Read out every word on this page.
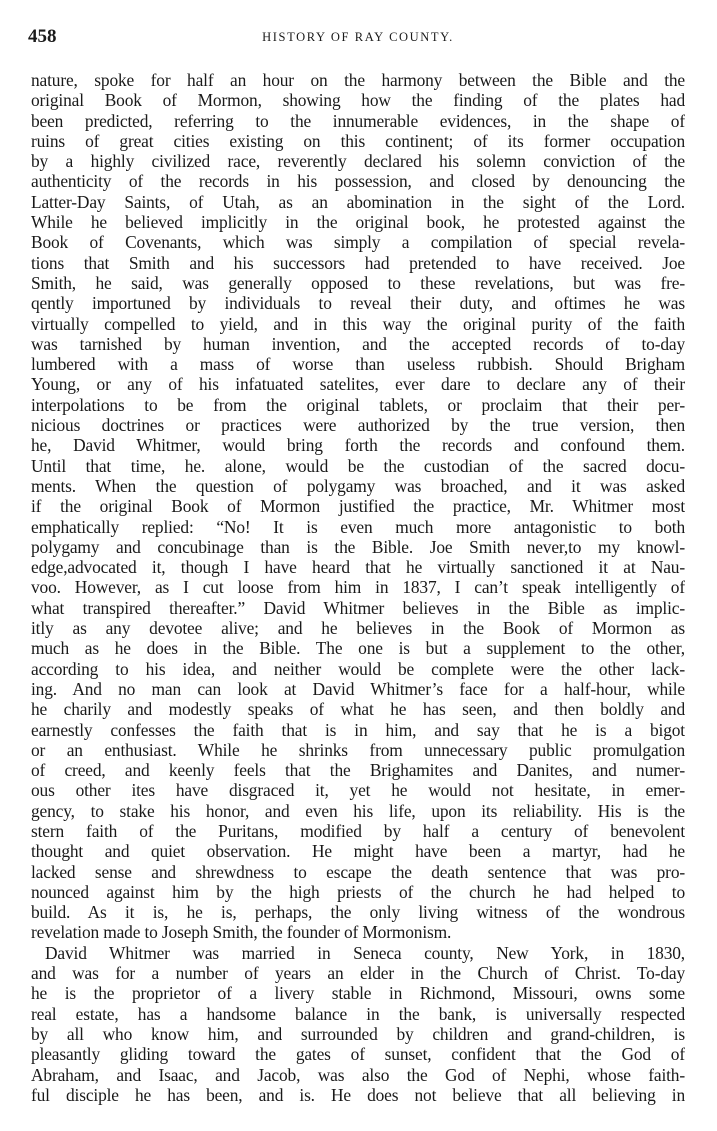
458	HISTORY OF RAY COUNTY.
nature, spoke for half an hour on the harmony between the Bible and the
original Book of Mormon, showing how the finding of the plates had
been predicted, referring to the innumerable evidences, in the shape of
ruins of great cities existing on this continent; of its former occupation
by a highly civilized race, reverently declared his solemn conviction of the
authenticity of the records in his possession, and closed by denouncing the
Latter-Day Saints, of Utah, as an abomination in the sight of the Lord.
While he believed implicitly in the original book, he protested against the
Book of Covenants, which was simply a compilation of special revela-
tions that Smith and his successors had pretended to have received. Joe
Smith, he said, was generally opposed to these revelations, but was fre-
qently importuned by individuals to reveal their duty, and oftimes he was
virtually compelled to yield, and in this way the original purity of the faith
was tarnished by human invention, and the accepted records of to-day
lumbered with a mass of worse than useless rubbish. Should Brigham
Young, or any of his infatuated satelites, ever dare to declare any of their
interpolations to be from the original tablets, or proclaim that their per-
nicious doctrines or practices were authorized by the true version, then
he, David Whitmer, would bring forth the records and confound them.
Until that time, he. alone, would be the custodian of the sacred docu-
ments. When the question of polygamy was broached, and it was asked
if the original Book of Mormon justified the practice, Mr. Whitmer most
emphatically replied: “No! It is even much more antagonistic to both
polygamy and concubinage than is the Bible. Joe Smith never,to my knowl-
edge,advocated it, though I have heard that he virtually sanctioned it at Nau-
voo. However, as I cut loose from him in 1837, I can’t speak intelligently of
what transpired thereafter.” David Whitmer believes in the Bible as implic-
itly as any devotee alive; and he believes in the Book of Mormon as
much as he does in the Bible. The one is but a supplement to the other,
according to his idea, and neither would be complete were the other lack-
ing. And no man can look at David Whitmer’s face for a half-hour, while
he charily and modestly speaks of what he has seen, and then boldly and
earnestly confesses the faith that is in him, and say that he is a bigot
or an enthusiast. While he shrinks from unnecessary public promulgation
of creed, and keenly feels that the Brighamites and Danites, and numer-
ous other ites have disgraced it, yet he would not hesitate, in emer-
gency, to stake his honor, and even his life, upon its reliability. His is the
stern faith of the Puritans, modified by half a century of benevolent
thought and quiet observation. He might have been a martyr, had he
lacked sense and shrewdness to escape the death sentence that was pro-
nounced against him by the high priests of the church he had helped to
build. As it is, he is, perhaps, the only living witness of the wondrous
revelation made to Joseph Smith, the founder of Mormonism.
David Whitmer was married in Seneca county, New York, in 1830,
and was for a number of years an elder in the Church of Christ. To-day
he is the proprietor of a livery stable in Richmond, Missouri, owns some
real estate, has a handsome balance in the bank, is universally respected
by all who know him, and surrounded by children and grand-children, is
pleasantly gliding toward the gates of sunset, confident that the God of
Abraham, and Isaac, and Jacob, was also the God of Nephi, whose faith-
ful disciple he has been, and is. He does not believe that all believing in
